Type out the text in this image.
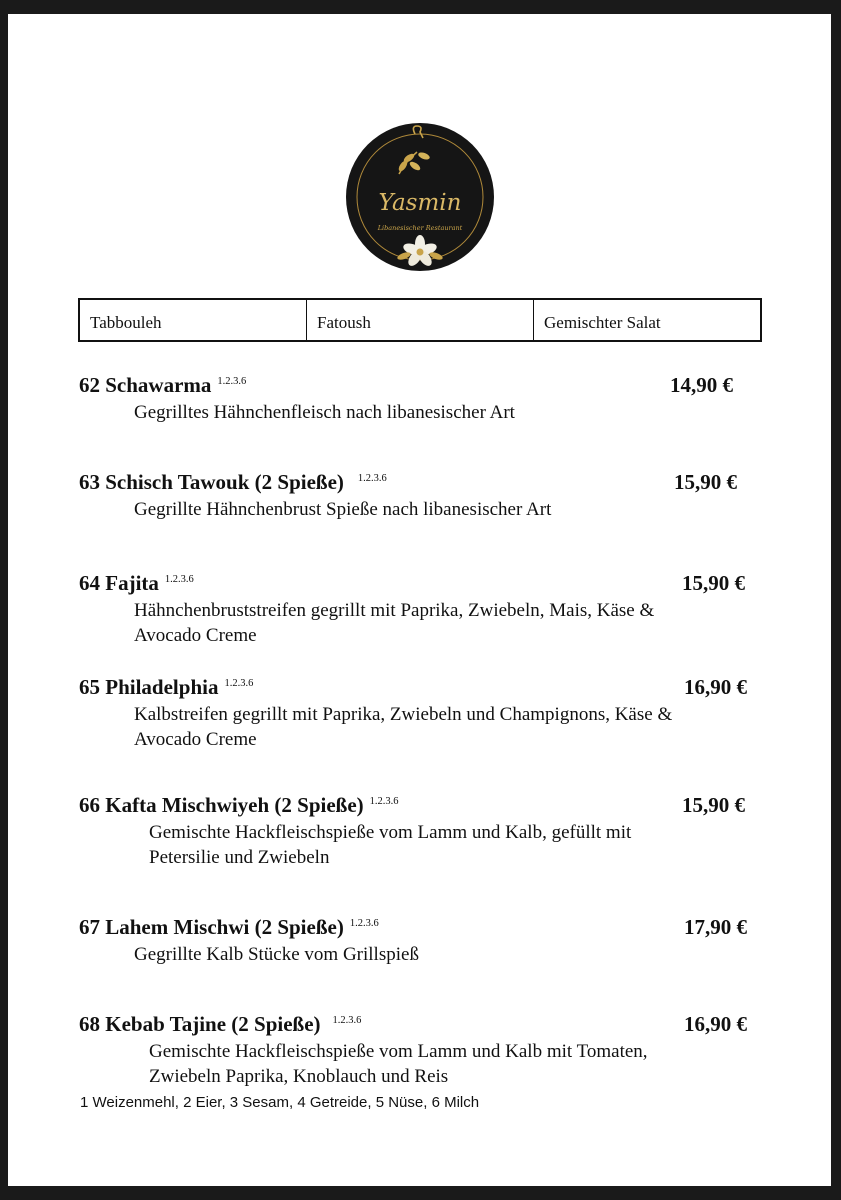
Yasmin
Libanesischer Restaurant
Tabbouleh	Fatoush	Gemischter Salat
62 Schawarma $^{1.2.3.6}$	14,90 €
Gegrilltes Hähnchenfleisch nach libanesischer Art
63 Schisch Tawouk (2 Spieße) $^{1.2.3.6}$	15,90 €
Gegrillte Hähnchenbrust Spieße nach libanesischer Art
64 Fajita $^{1.2.3.6}$	15,90 €
Hähnchenbruststreifen gegrillt mit Paprika, Zwiebeln, Mais, Käse &
Avocado Creme
65 Philadelphia $^{1.2.3.6}$	16,90 €
Kalbstreifen gegrillt mit Paprika, Zwiebeln und Champignons, Käse &
Avocado Creme
66 Kafta Mischwiyeh (2 Spieße) $^{1.2.3.6}$	15,90 €
Gemischte Hackfleischspieße vom Lamm und Kalb, gefüllt mit
Petersilie und Zwiebeln
67 Lahem Mischwi (2 Spieße) $^{1.2.3.6}$	17,90 €
Gegrillte Kalb Stücke vom Grillspieß
68 Kebab Tajine (2 Spieße) $^{1.2.3.6}$	16,90 €
Gemischte Hackfleischspieße vom Lamm und Kalb mit Tomaten,
Zwiebeln Paprika, Knoblauch und Reis
1 Weizenmehl, 2 Eier, 3 Sesam, 4 Getreide, 5 Nüse, 6 Milch
